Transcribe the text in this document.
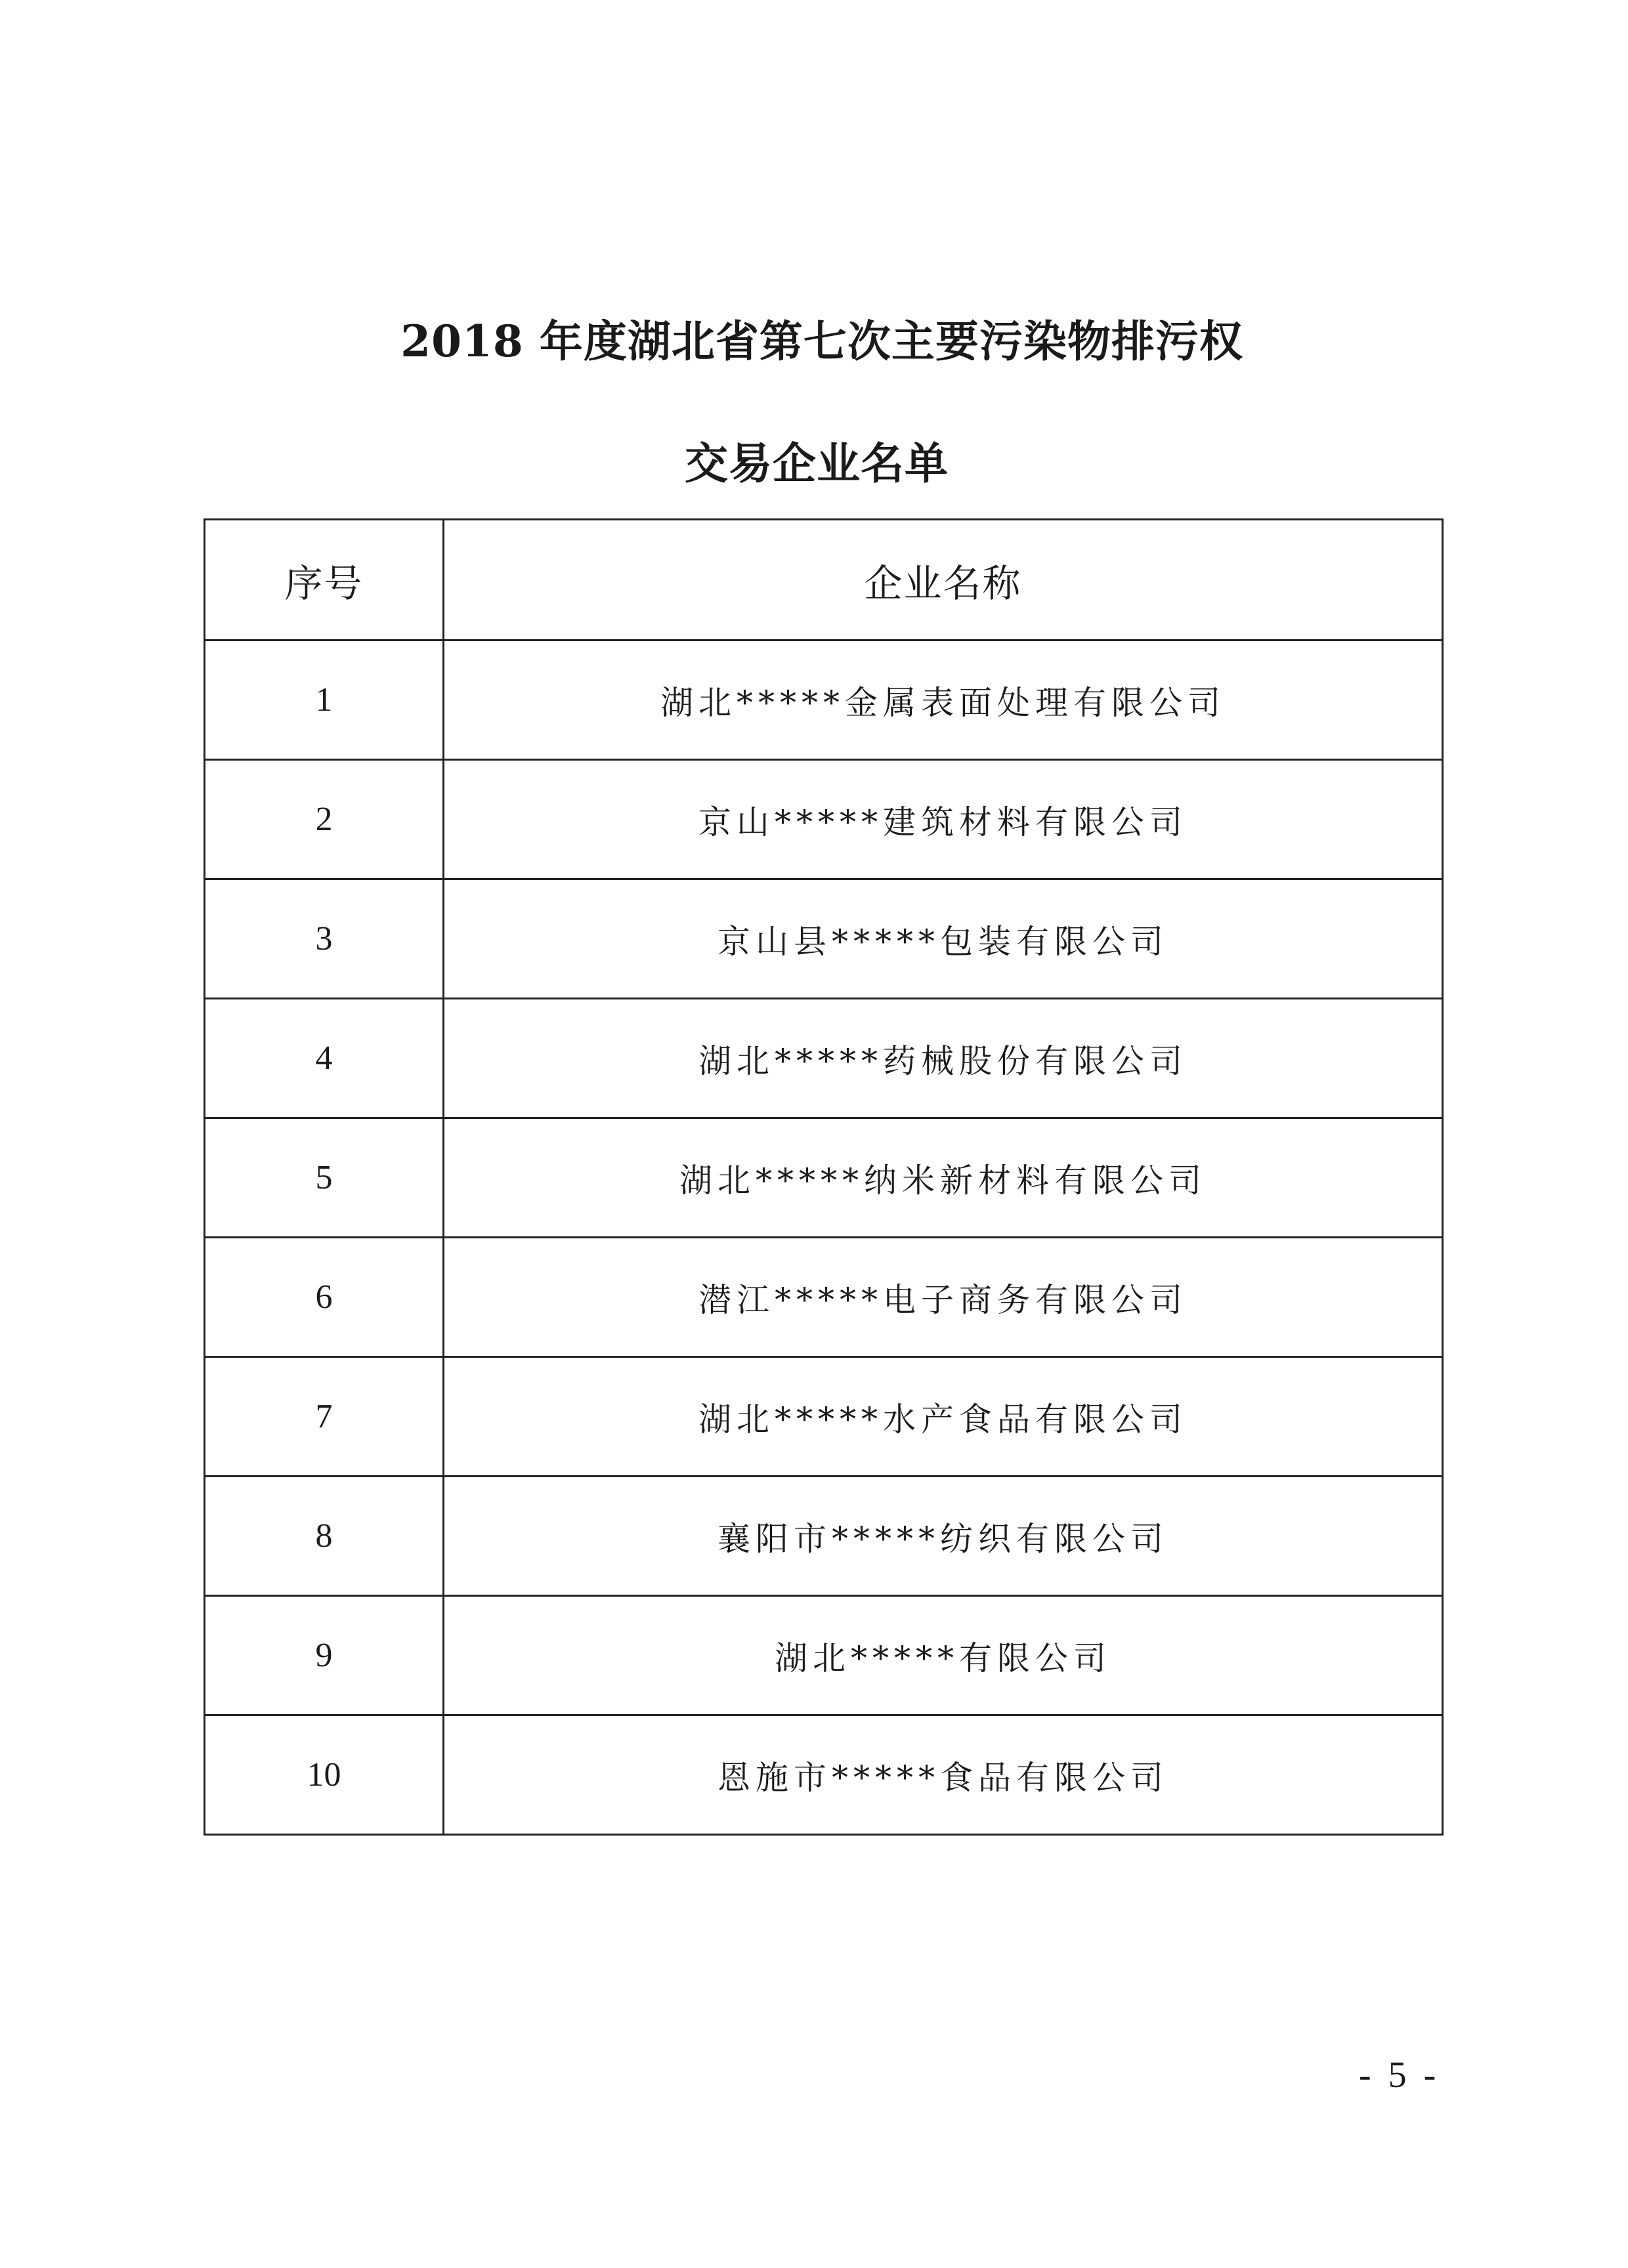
2018 年度湖北省第七次主要污染物排污权
交易企业名单
序号	企业名称
1	湖北*****金属表面处理有限公司
2	京山*****建筑材料有限公司
3	京山县*****包装有限公司
4	湖北*****药械股份有限公司
5	湖北*****纳米新材料有限公司
6	潜江*****电子商务有限公司
7	湖北*****水产食品有限公司
8	襄阳市*****纺织有限公司
9	湖北*****有限公司
10	恩施市*****食品有限公司
- 5 -
